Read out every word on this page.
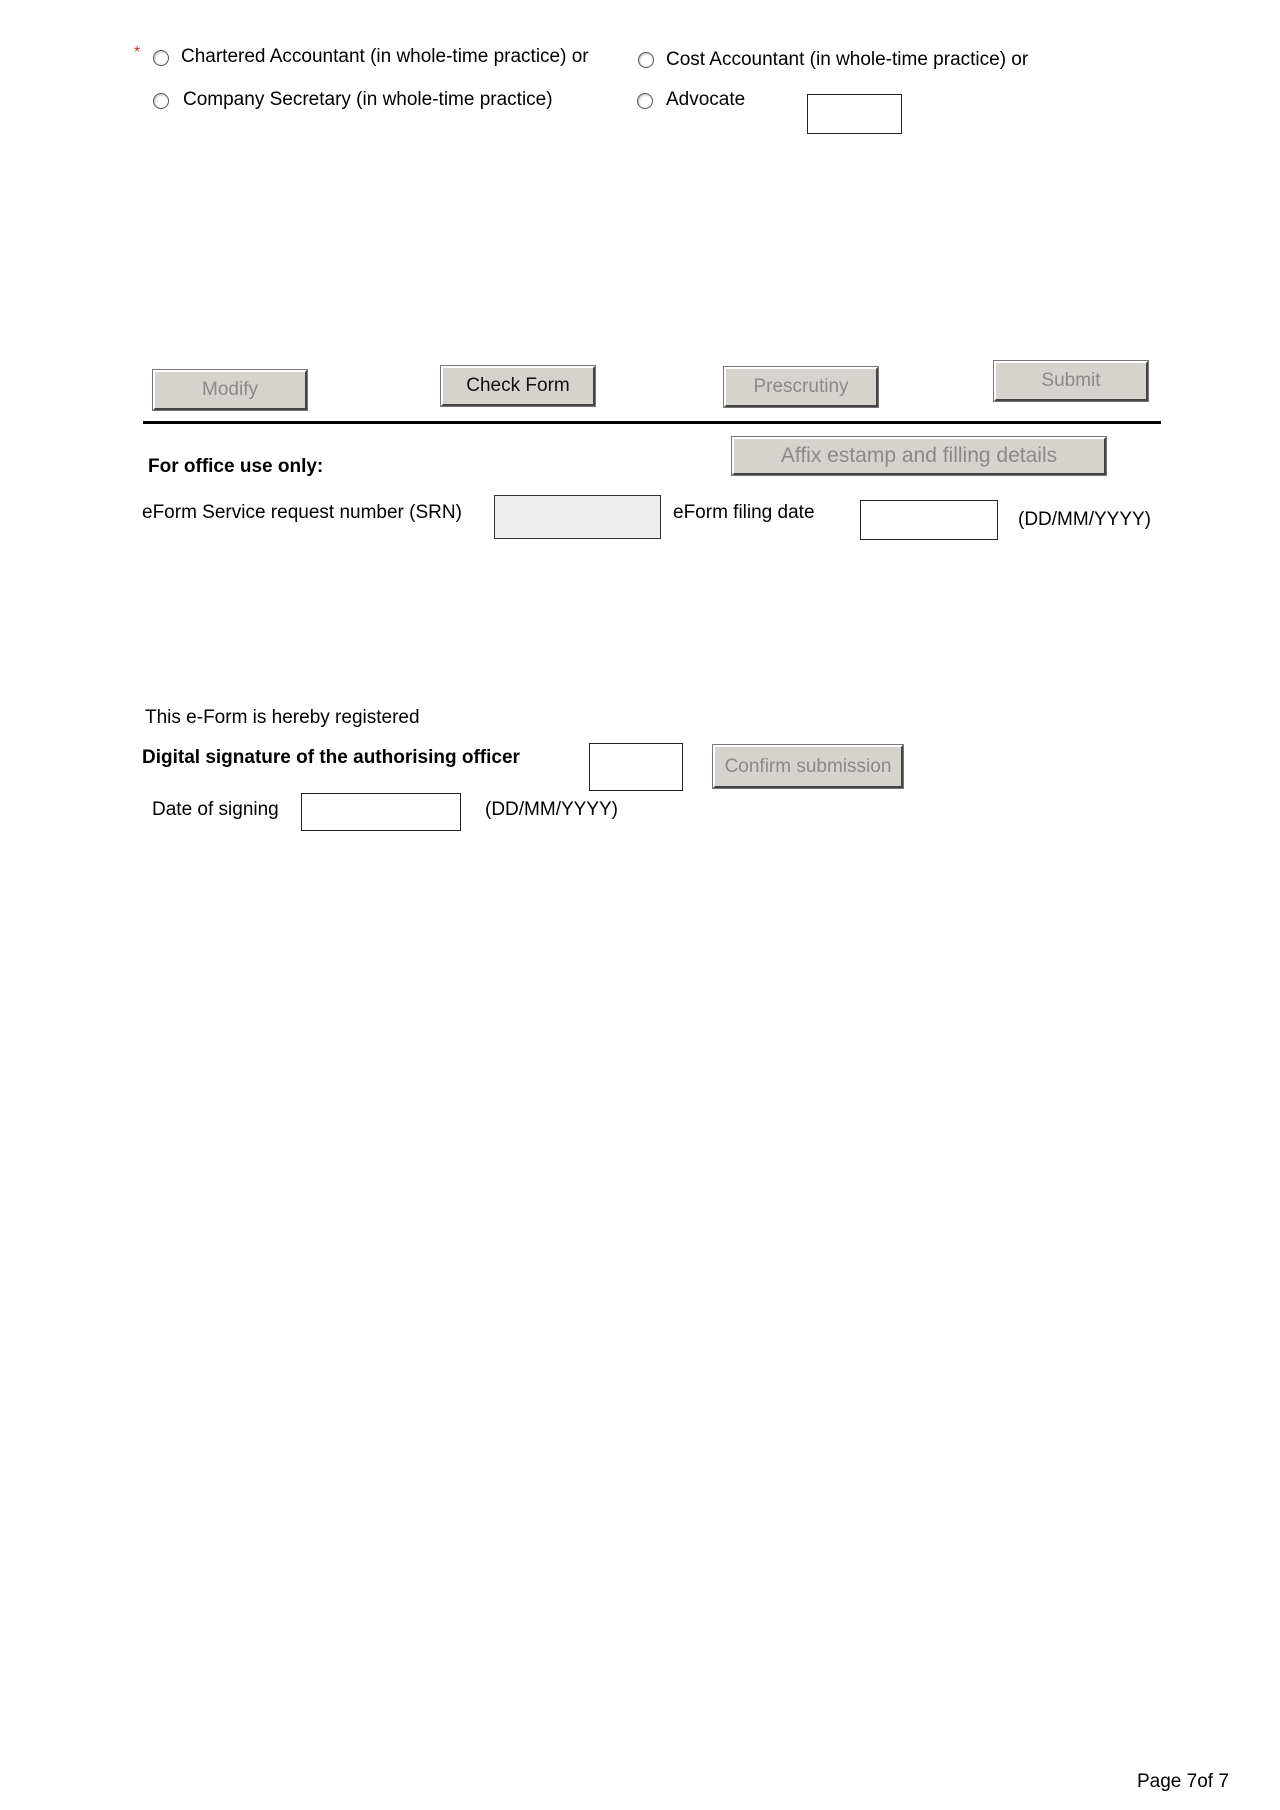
* Chartered Accountant (in whole-time practice) or	Cost Accountant (in whole-time practice) or
Company Secretary (in whole-time practice)	Advocate
Modify	Check Form	Prescrutiny	Submit
Affix estamp and filling details
For office use only:
eForm Service request number (SRN)	eForm filing date	(DD/MM/YYYY)
This e-Form is hereby registered
Digital signature of the authorising officer	Confirm submission
Date of signing	(DD/MM/YYYY)
Page 7of 7
